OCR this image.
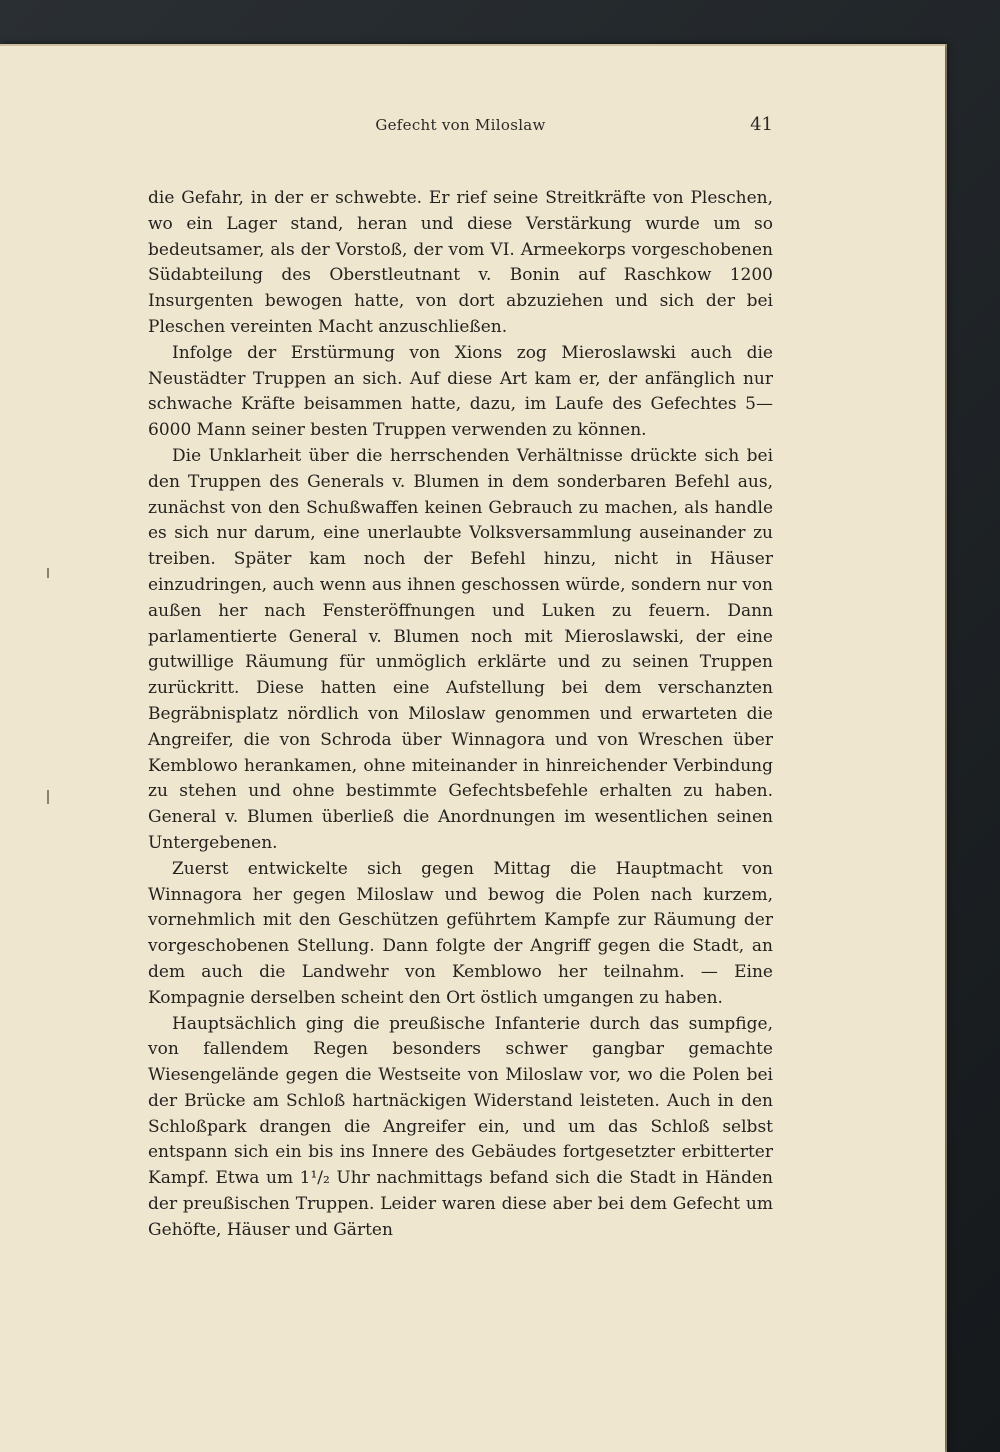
Gefecht von Miloslaw	41

die Gefahr, in der er schwebte. Er rief seine Streitkräfte von Pleschen, wo ein Lager stand, heran und diese Verstärkung wurde um so bedeutsamer, als der Vorstoß, der vom VI. Armeekorps vorgeschobenen Südabteilung des Oberstleutnant v. Bonin auf Raschkow 1200 Insurgenten bewogen hatte, von dort abzuziehen und sich der bei Pleschen vereinten Macht anzuschließen.

Infolge der Erstürmung von Xions zog Mieroslawski auch die Neustädter Truppen an sich. Auf diese Art kam er, der anfänglich nur schwache Kräfte beisammen hatte, dazu, im Laufe des Gefechtes 5—6000 Mann seiner besten Truppen verwenden zu können.

Die Unklarheit über die herrschenden Verhältnisse drückte sich bei den Truppen des Generals v. Blumen in dem sonderbaren Befehl aus, zunächst von den Schußwaffen keinen Gebrauch zu machen, als handle es sich nur darum, eine unerlaubte Volksversammlung auseinander zu treiben. Später kam noch der Befehl hinzu, nicht in Häuser einzudringen, auch wenn aus ihnen geschossen würde, sondern nur von außen her nach Fensteröffnungen und Luken zu feuern. Dann parlamentierte General v. Blumen noch mit Mieroslawski, der eine gutwillige Räumung für unmöglich erklärte und zu seinen Truppen zurückritt. Diese hatten eine Aufstellung bei dem verschanzten Begräbnisplatz nördlich von Miloslaw genommen und erwarteten die Angreifer, die von Schroda über Winnagora und von Wreschen über Kemblowo herankamen, ohne miteinander in hinreichender Verbindung zu stehen und ohne bestimmte Gefechtsbefehle erhalten zu haben. General v. Blumen überließ die Anordnungen im wesentlichen seinen Untergebenen.

Zuerst entwickelte sich gegen Mittag die Hauptmacht von Winnagora her gegen Miloslaw und bewog die Polen nach kurzem, vornehmlich mit den Geschützen geführtem Kampfe zur Räumung der vorgeschobenen Stellung. Dann folgte der Angriff gegen die Stadt, an dem auch die Landwehr von Kemblowo her teilnahm. — Eine Kompagnie derselben scheint den Ort östlich umgangen zu haben.

Hauptsächlich ging die preußische Infanterie durch das sumpfige, von fallendem Regen besonders schwer gangbar gemachte Wiesengelände gegen die Westseite von Miloslaw vor, wo die Polen bei der Brücke am Schloß hartnäckigen Widerstand leisteten. Auch in den Schloßpark drangen die Angreifer ein, und um das Schloß selbst entspann sich ein bis ins Innere des Gebäudes fortgesetzter erbitterter Kampf. Etwa um 1¹/₂ Uhr nachmittags befand sich die Stadt in Händen der preußischen Truppen. Leider waren diese aber bei dem Gefecht um Gehöfte, Häuser und Gärten
